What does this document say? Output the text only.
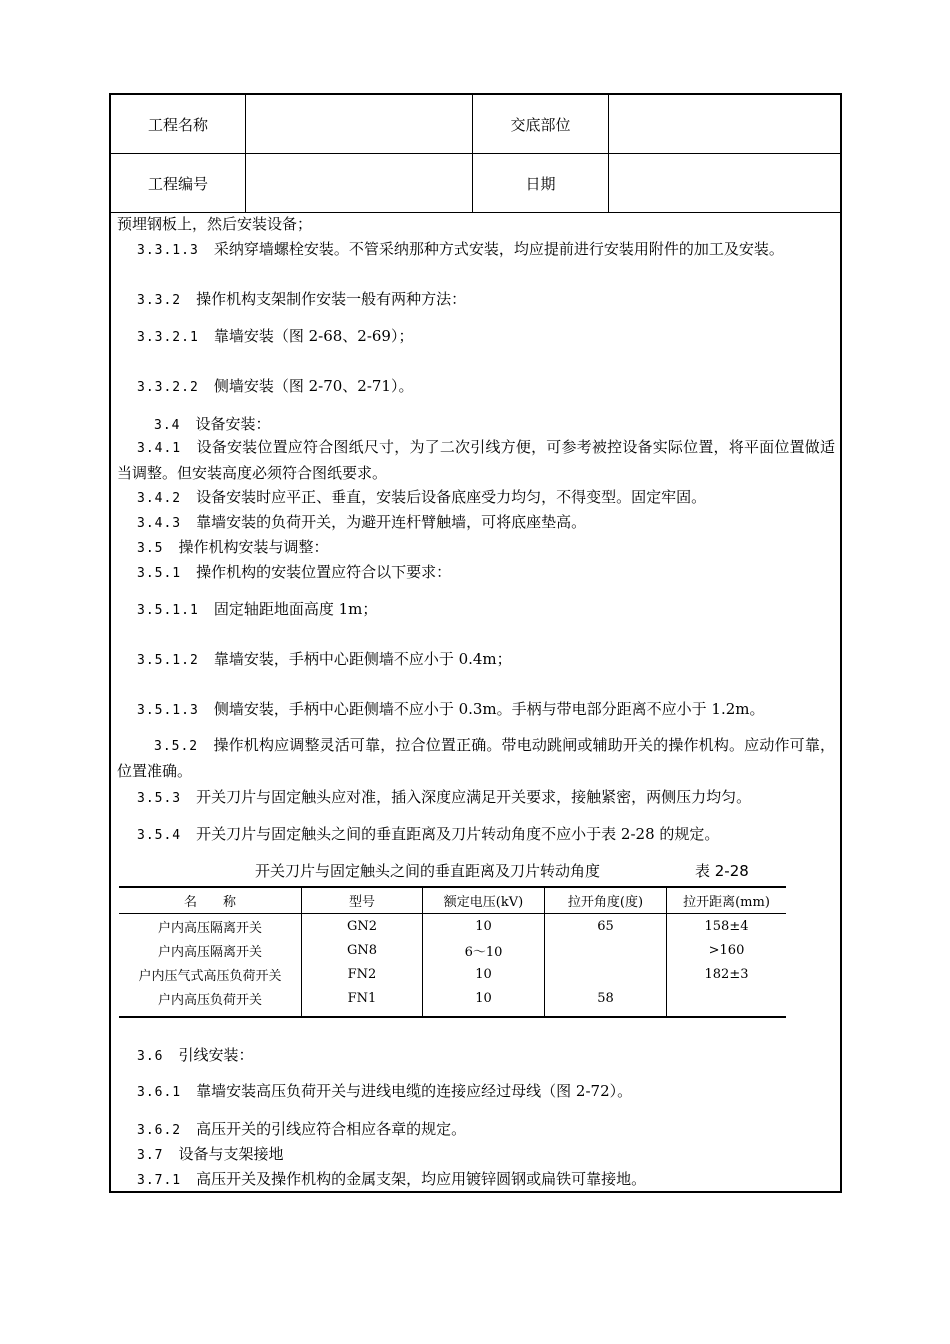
工程名称		交底部位	
工程编号		日期	
预埋钢板上，然后安装设备；
3.3.1.3　 采纳穿墙螺栓安装。不管采纳那种方式安装，均应提前进行安装用附件的加工及安装。
3.3.2　 操作机构支架制作安装一般有两种方法：
3.3.2.1　 靠墙安装（图 2-68、2-69）；
3.3.2.2　 侧墙安装（图 2-70、2-71）。
3.4　 设备安装：
3.4.1　 设备安装位置应符合图纸尺寸，为了二次引线方便，可参考被控设备实际位置，将平面位置做适当调整。但安装高度必须符合图纸要求。
3.4.2　 设备安装时应平正、垂直，安装后设备底座受力均匀，不得变型。固定牢固。
3.4.3　 靠墙安装的负荷开关，为避开连杆臂触墙，可将底座垫高。
3.5　 操作机构安装与调整：
3.5.1　 操作机构的安装位置应符合以下要求：
3.5.1.1　 固定轴距地面高度 1m；
3.5.1.2　 靠墙安装，手柄中心距侧墙不应小于 0.4m；
3.5.1.3　 侧墙安装，手柄中心距侧墙不应小于 0.3m。手柄与带电部分距离不应小于 1.2m。
3.5.2　 操作机构应调整灵活可靠，拉合位置正确。带电动跳闸或辅助开关的操作机构。应动作可靠，位置准确。
3.5.3　 开关刀片与固定触头应对准，插入深度应满足开关要求，接触紧密，两侧压力均匀。
3.5.4　 开关刀片与固定触头之间的垂直距离及刀片转动角度不应小于表 2-28 的规定。
开关刀片与固定触头之间的垂直距离及刀片转动角度	表 2-28
名　　称	型号	额定电压(kV)	拉开角度(度)	拉开距离(mm)
户内高压隔离开关	GN2	10	65	158±4
户内高压隔离开关	GN8	6～10		>160
户内压气式高压负荷开关	FN2	10		182±3
户内高压负荷开关	FN1	10	58	
3.6　 引线安装：
3.6.1　 靠墙安装高压负荷开关与进线电缆的连接应经过母线（图 2-72）。
3.6.2　 高压开关的引线应符合相应各章的规定。
3.7　 设备与支架接地
3.7.1　 高压开关及操作机构的金属支架，均应用镀锌圆钢或扁铁可靠接地。
